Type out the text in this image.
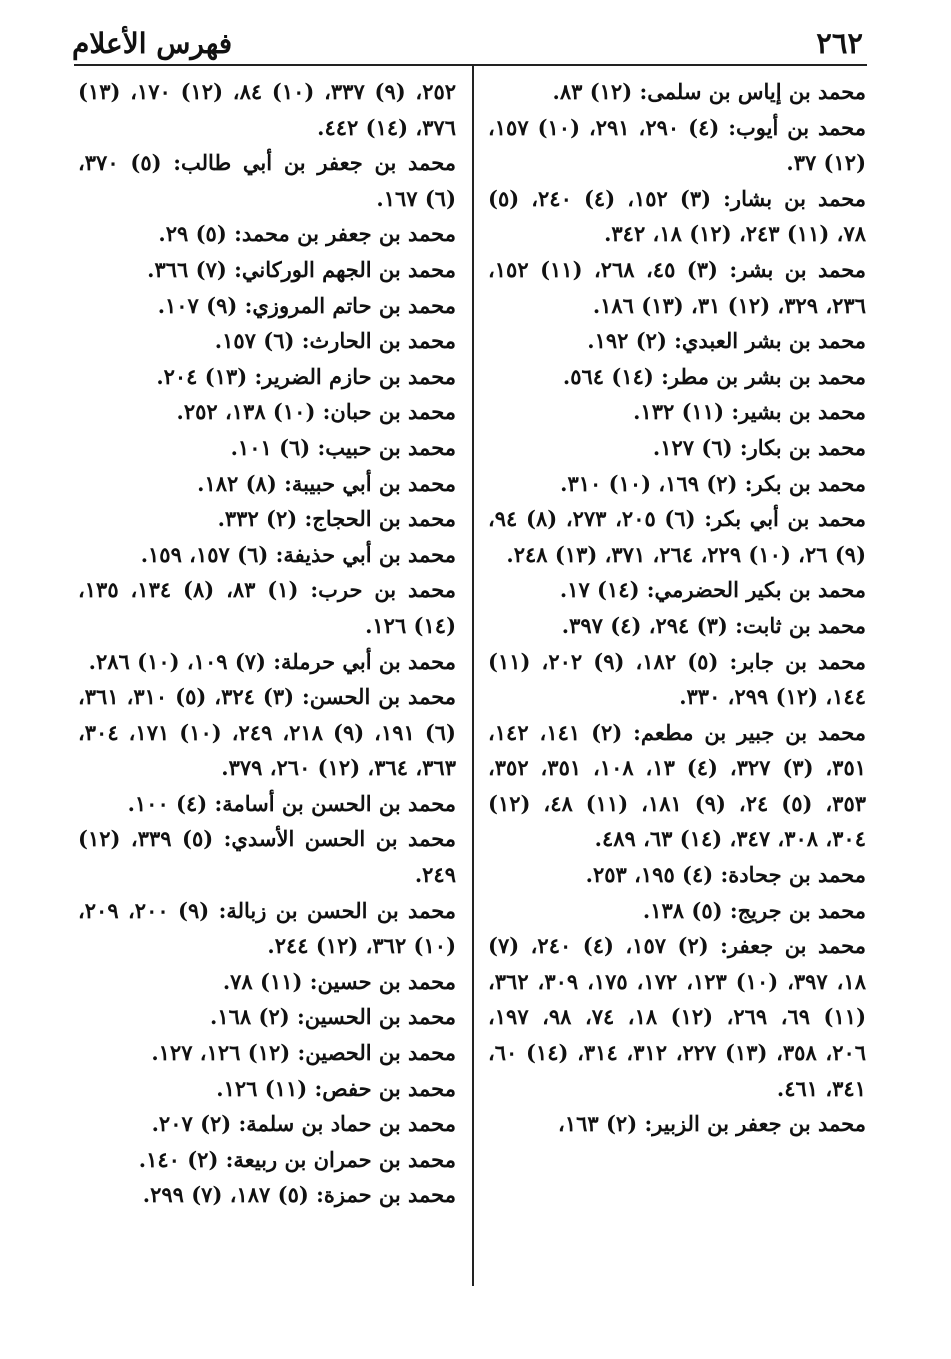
٢٦٢
فهرس الأعلام

محمد بن إياس بن سلمى: (١٢) ٨٣.

محمد بن أيوب: (٤) ٢٩٠، ٢٩١، (١٠) ١٥٧، (١٢) ٣٧.

محمد بن بشار: (٣) ١٥٢، (٤) ٢٤٠، (٥) ٧٨، (١١) ٢٤٣، (١٢) ١٨، ٣٤٢.

محمد بن بشر: (٣) ٤٥، ٢٦٨، (١١) ١٥٢، ٢٣٦، ٣٢٩، (١٢) ٣١، (١٣) ١٨٦.

محمد بن بشر العبدي: (٢) ١٩٢.

محمد بن بشر بن مطر: (١٤) ٥٦٤.

محمد بن بشير: (١١) ١٣٢.

محمد بن بكار: (٦) ١٢٧.

محمد بن بكر: (٢) ١٦٩، (١٠) ٣١٠.

محمد بن أبي بكر: (٦) ٢٠٥، ٢٧٣، (٨) ٩٤، (٩) ٢٦، (١٠) ٢٢٩، ٢٦٤، ٣٧١، (١٣) ٢٤٨.

محمد بن بكير الحضرمي: (١٤) ١٧.

محمد بن ثابت: (٣) ٢٩٤، (٤) ٣٩٧.

محمد بن جابر: (٥) ١٨٢، (٩) ٢٠٢، (١١) ١٤٤، (١٢) ٢٩٩، ٣٣٠.

محمد بن جبير بن مطعم: (٢) ١٤١، ١٤٢، ٣٥١، (٣) ٣٢٧، (٤) ١٣، ١٠٨، ٣٥١، ٣٥٢، ٣٥٣، (٥) ٢٤، (٩) ١٨١، (١١) ٤٨، (١٢) ٣٠٤، ٣٠٨، ٣٤٧، (١٤) ٦٣، ٤٨٩.

محمد بن جحادة: (٤) ١٩٥، ٢٥٣.

محمد بن جريج: (٥) ١٣٨.

محمد بن جعفر: (٢) ١٥٧، (٤) ٢٤٠، (٧) ١٨، ٣٩٧، (١٠) ١٢٣، ١٧٢، ١٧٥، ٣٠٩، ٣٦٢، (١١) ٦٩، ٢٦٩، (١٢) ١٨، ٧٤، ٩٨، ١٩٧، ٢٠٦، ٣٥٨، (١٣) ٢٢٧، ٣١٢، ٣١٤، (١٤) ٦٠، ٣٤١، ٤٦١.

محمد بن جعفر بن الزبير: (٢) ١٦٣،

٢٥٢، (٩) ٣٣٧، (١٠) ٨٤، (١٢) ١٧٠، (١٣) ٣٧٦، (١٤) ٤٤٢.

محمد بن جعفر بن أبي طالب: (٥) ٣٧٠، (٦) ١٦٧.

محمد بن جعفر بن محمد: (٥) ٢٩.

محمد بن الجهم الوركاني: (٧) ٣٦٦.

محمد بن حاتم المروزي: (٩) ١٠٧.

محمد بن الحارث: (٦) ١٥٧.

محمد بن حازم الضرير: (١٣) ٢٠٤.

محمد بن حبان: (١٠) ١٣٨، ٢٥٢.

محمد بن حبيب: (٦) ١٠١.

محمد بن أبي حبيبة: (٨) ١٨٢.

محمد بن الحجاج: (٢) ٣٣٢.

محمد بن أبي حذيفة: (٦) ١٥٧، ١٥٩.

محمد بن حرب: (١) ٨٣، (٨) ١٣٤، ١٣٥، (١٤) ١٢٦.

محمد بن أبي حرملة: (٧) ١٠٩، (١٠) ٢٨٦.

محمد بن الحسن: (٣) ٣٢٤، (٥) ٣١٠، ٣٦١، (٦) ١٩١، (٩) ٢١٨، ٢٤٩، (١٠) ١٧١، ٣٠٤، ٣٦٣، ٣٦٤، (١٢) ٢٦٠، ٣٧٩.

محمد بن الحسن بن أسامة: (٤) ١٠٠.

محمد بن الحسن الأسدي: (٥) ٣٣٩، (١٢) ٢٤٩.

محمد بن الحسن بن زبالة: (٩) ٢٠٠، ٢٠٩، (١٠) ٣٦٢، (١٢) ٢٤٤.

محمد بن حسين: (١١) ٧٨.

محمد بن الحسين: (٢) ١٦٨.

محمد بن الحصين: (١٢) ١٢٦، ١٢٧.

محمد بن حفص: (١١) ١٢٦.

محمد بن حماد بن سلمة: (٢) ٢٠٧.

محمد بن حمران بن ربيعة: (٢) ١٤٠.

محمد بن حمزة: (٥) ١٨٧، (٧) ٢٩٩.
